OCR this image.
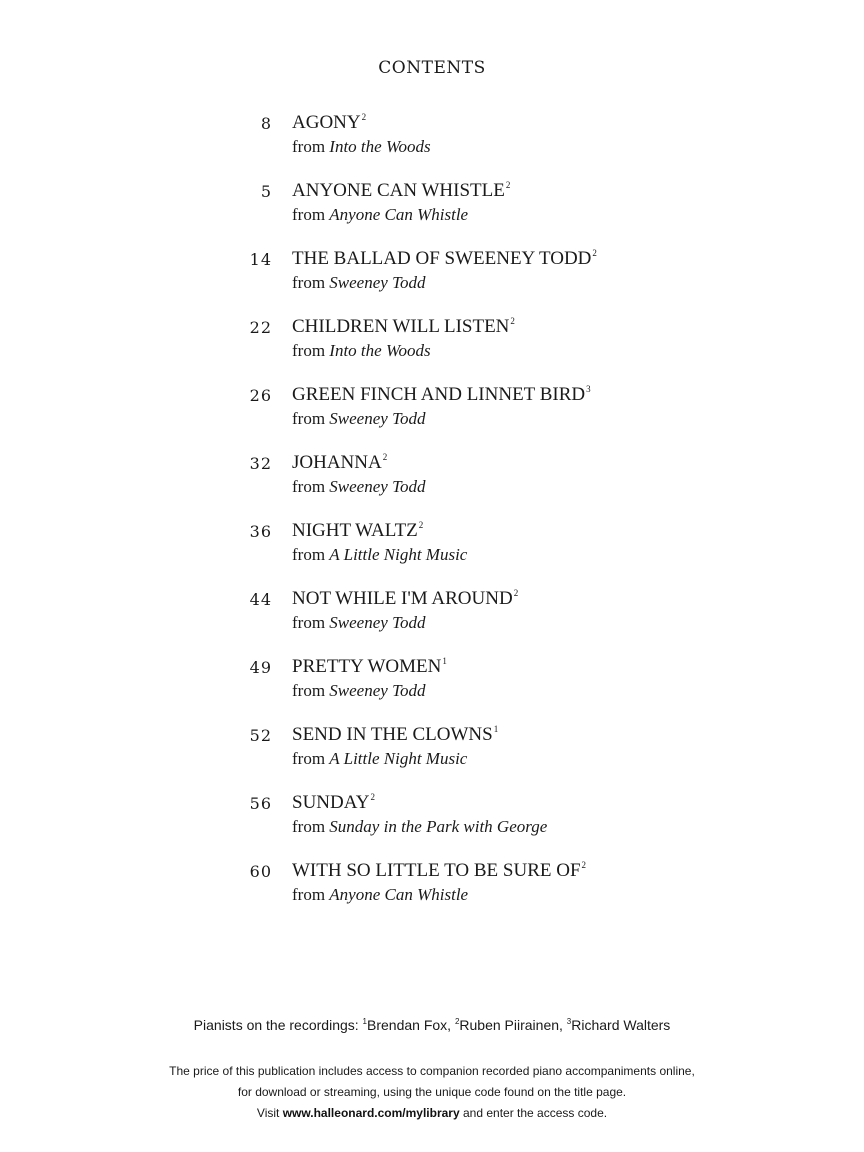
CONTENTS
8 AGONY$^2$
from Into the Woods
5 ANYONE CAN WHISTLE$^2$
from Anyone Can Whistle
14 THE BALLAD OF SWEENEY TODD$^2$
from Sweeney Todd
22 CHILDREN WILL LISTEN$^2$
from Into the Woods
26 GREEN FINCH AND LINNET BIRD$^3$
from Sweeney Todd
32 JOHANNA$^2$
from Sweeney Todd
36 NIGHT WALTZ$^2$
from A Little Night Music
44 NOT WHILE I'M AROUND$^2$
from Sweeney Todd
49 PRETTY WOMEN$^1$
from Sweeney Todd
52 SEND IN THE CLOWNS$^1$
from A Little Night Music
56 SUNDAY$^2$
from Sunday in the Park with George
60 WITH SO LITTLE TO BE SURE $OF^2$
from Anyone Can Whistle
Pianists on the recordings: $^1$Brendan Fox, $^2$Ruben Piirainen, $^3$Richard Walters
The price of this publication includes access to companion recorded piano accompaniments online,
for download or streaming, using the unique code found on the title page.
Visit www.halleonard.com/mylibrary and enter the access code.
